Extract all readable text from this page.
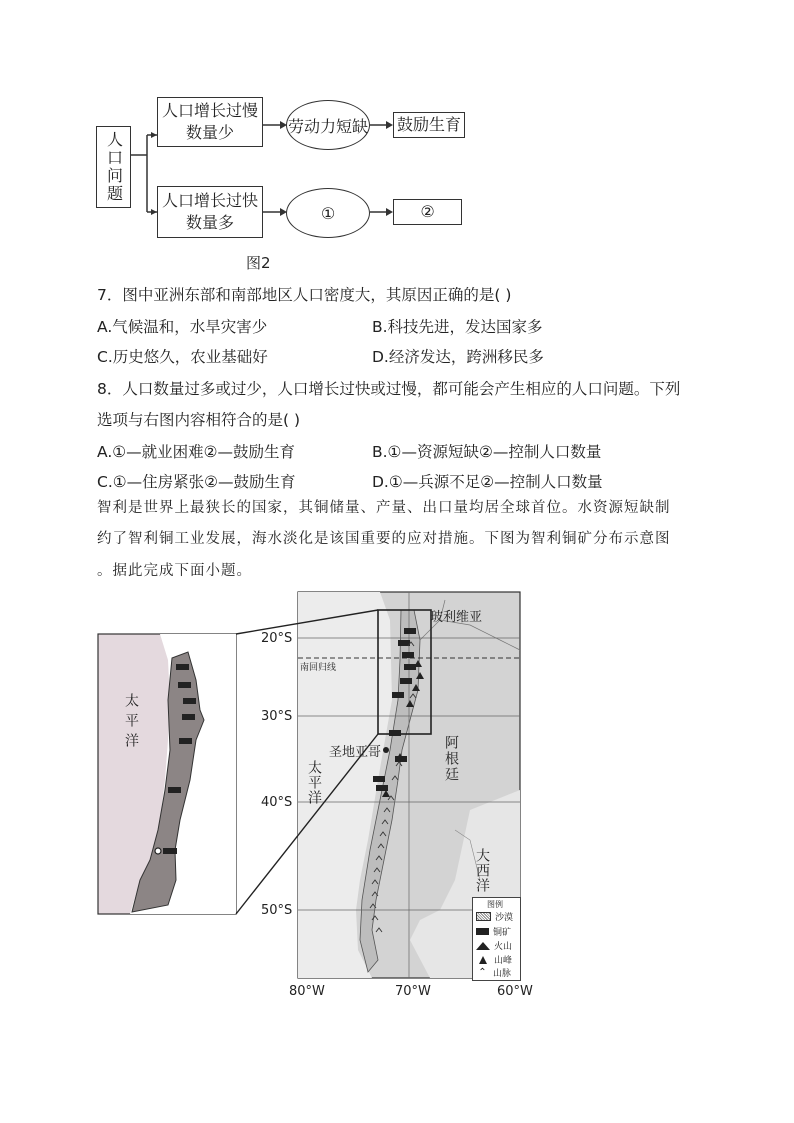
人口问题
人口增长过慢
数量少	劳动力短缺 鼓励生育
人口增长过快
数量多	①	②
图2
7．图中亚洲东部和南部地区人口密度大，其原因正确的是( )
A.气候温和，水旱灾害少	B.科技先进，发达国家多
C.历史悠久，农业基础好	D.经济发达，跨洲移民多
8．人口数量过多或过少，人口增长过快或过慢，都可能会产生相应的人口问题。下列
选项与右图内容相符合的是( )
A.①—就业困难②—鼓励生育	B.①—资源短缺②—控制人口数量
C.①—住房紧张②—鼓励生育	D.①—兵源不足②—控制人口数量
智利是世界上最狭长的国家，其铜储量、产量、出口量均居全球首位。水资源短缺制
约了智利铜工业发展，海水淡化是该国重要的应对措施。下图为智利铜矿分布示意图
。据此完成下面小题。
太平洋
20°S
30°S
40°S
50°S
80°W	70°W	60°W
南回归线
玻利维亚
圣地亚哥	阿根廷
太平洋
大西洋
图例
沙漠
铜矿
火山
山峰
⌃ 山脉
